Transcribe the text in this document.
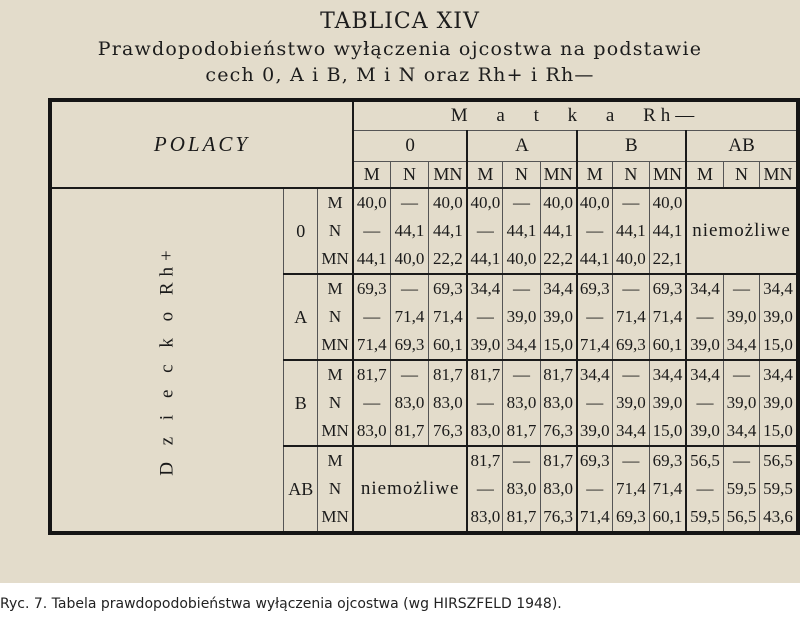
TABLICA XIV
Prawdopodobieństwo wyłączenia ojcostwa na podstawie
cech 0, A i B, M i N oraz Rh+ i Rh—
POLACY			M a t k a Rh—											
			0			A			B			AB		
			M	N	MN	M	N	MN	M	N	MN	M	N	MN

D z i e c k o Rh+	0	M	40,0	—	40,0	40,0	—	40,0	40,0	—	40,0	niemożliwe		
		N	—	44,1	44,1	—	44,1	44,1	—	44,1	44,1			
		MN	44,1	40,0	22,2	44,1	40,0	22,2	44,1	40,0	22,1			
	A	M	69,3	—	69,3	34,4	—	34,4	69,3	—	69,3	34,4	—	34,4
		N	—	71,4	71,4	—	39,0	39,0	—	71,4	71,4	—	39,0	39,0
		MN	71,4	69,3	60,1	39,0	34,4	15,0	71,4	69,3	60,1	39,0	34,4	15,0
	B	M	81,7	—	81,7	81,7	—	81,7	34,4	—	34,4	34,4	—	34,4
		N	—	83,0	83,0	—	83,0	83,0	—	39,0	39,0	—	39,0	39,0
		MN	83,0	81,7	76,3	83,0	81,7	76,3	39,0	34,4	15,0	39,0	34,4	15,0
	AB	M	niemożliwe			81,7	—	81,7	69,3	—	69,3	56,5	—	56,5
		N				—	83,0	83,0	—	71,4	71,4	—	59,5	59,5
		MN				83,0	81,7	76,3	71,4	69,3	60,1	59,5	56,5	43,6
Ryc. 7. Tabela prawdopodobieństwa wyłączenia ojcostwa (wg HIRSZFELD 1948).
